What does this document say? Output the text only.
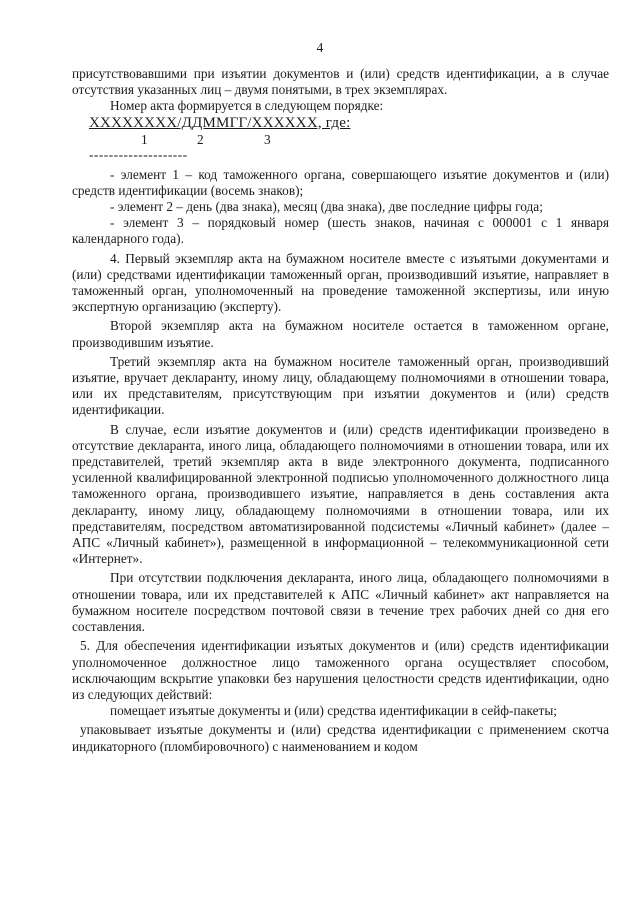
4

присутствовавшими при изъятии документов и (или) средств идентификации, а в случае отсутствия указанных лиц – двумя понятыми, в трех экземплярах.

Номер акта формируется в следующем порядке:

XXXXXXXX/ДДММГГ/XXXXXX, где:
1	2	3
--------------------

- элемент 1 – код таможенного органа, совершающего изъятие документов и (или) средств идентификации (восемь знаков);

- элемент 2 – день (два знака), месяц (два знака), две последние цифры года;

- элемент 3 – порядковый номер (шесть знаков, начиная с 000001 с 1 января календарного года).

4. Первый экземпляр акта на бумажном носителе вместе с изъятыми документами и (или) средствами идентификации таможенный орган, производивший изъятие, направляет в таможенный орган, уполномоченный на проведение таможенной экспертизы, или иную экспертную организацию (эксперту).

Второй экземпляр акта на бумажном носителе остается в таможенном органе, производившим изъятие.

Третий экземпляр акта на бумажном носителе таможенный орган, производивший изъятие, вручает декларанту, иному лицу, обладающему полномочиями в отношении товара, или их представителям, присутствующим при изъятии документов и (или) средств идентификации.

В случае, если изъятие документов и (или) средств идентификации произведено в отсутствие декларанта, иного лица, обладающего полномочиями в отношении товара, или их представителей, третий экземпляр акта в виде электронного документа, подписанного усиленной квалифицированной электронной подписью уполномоченного должностного лица таможенного органа, производившего изъятие, направляется в день составления акта декларанту, иному лицу, обладающему полномочиями в отношении товара, или их представителям, посредством автоматизированной подсистемы «Личный кабинет» (далее – АПС «Личный кабинет»), размещенной в информационной – телекоммуникационной сети «Интернет».

При отсутствии подключения декларанта, иного лица, обладающего полномочиями в отношении товара, или их представителей к АПС «Личный кабинет» акт направляется на бумажном носителе посредством почтовой связи в течение трех рабочих дней со дня его составления.

5. Для обеспечения идентификации изъятых документов и (или) средств идентификации уполномоченное должностное лицо таможенного органа осуществляет способом, исключающим вскрытие упаковки без нарушения целостности средств идентификации, одно из следующих действий:

помещает изъятые документы и (или) средства идентификации в сейф-пакеты;

упаковывает изъятые документы и (или) средства идентификации с применением скотча индикаторного (пломбировочного) с наименованием и кодом
